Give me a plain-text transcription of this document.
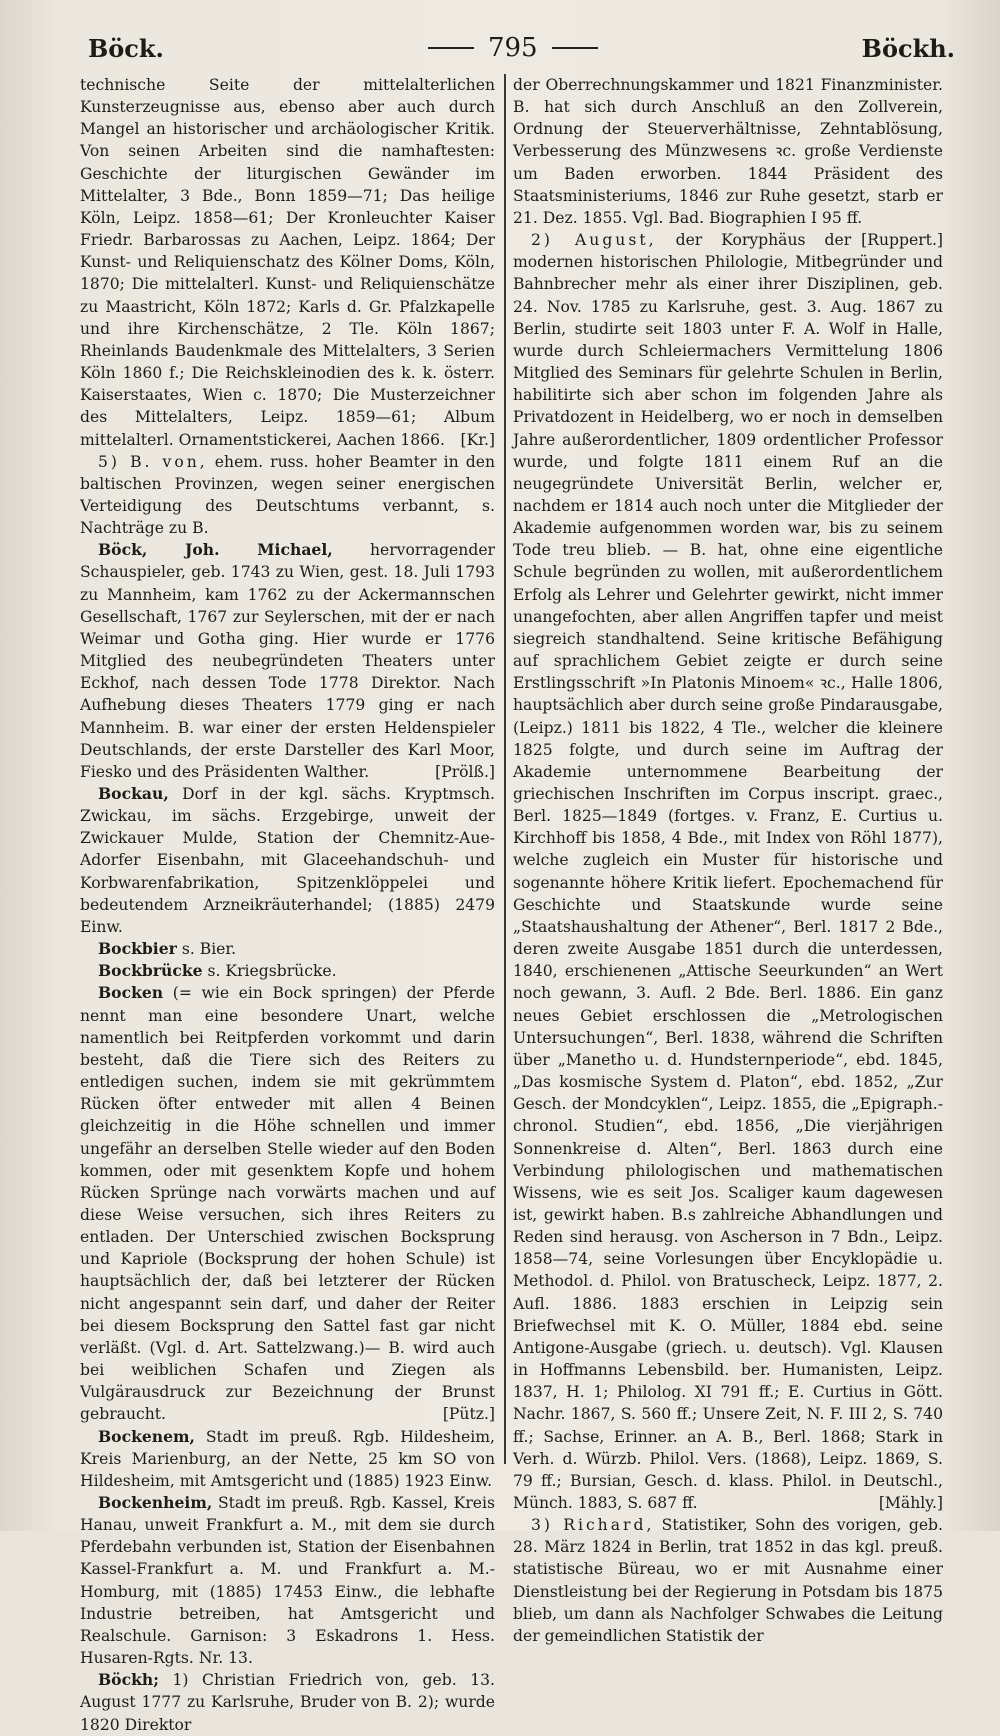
Böck.	795	Böckh.

technische Seite der mittelalterlichen Kunsterzeugnisse aus, ebenso aber auch durch Mangel an historischer und archäologischer Kritik. Von seinen Arbeiten sind die namhaftesten: Geschichte der liturgischen Gewänder im Mittelalter, 3 Bde., Bonn 1859—71; Das heilige Köln, Leipz. 1858—61; Der Kronleuchter Kaiser Friedr. Barbarossas zu Aachen, Leipz. 1864; Der Kunst- und Reliquienschatz des Kölner Doms, Köln, 1870; Die mittelalterl. Kunst- und Reliquienschätze zu Maastricht, Köln 1872; Karls d. Gr. Pfalzkapelle und ihre Kirchenschätze, 2 Tle. Köln 1867; Rheinlands Baudenkmale des Mittelalters, 3 Serien Köln 1860 f.; Die Reichskleinodien des k. k. österr. Kaiserstaates, Wien c. 1870; Die Musterzeichner des Mittelalters, Leipz. 1859—61; Album mittelalterl. Ornamentstickerei, Aachen 1866. [Kr.]

5) B. von, ehem. russ. hoher Beamter in den baltischen Provinzen, wegen seiner energischen Verteidigung des Deutschtums verbannt, s. Nachträge zu B.

Böck, Joh. Michael, hervorragender Schauspieler, geb. 1743 zu Wien, gest. 18. Juli 1793 zu Mannheim, kam 1762 zu der Ackermannschen Gesellschaft, 1767 zur Seylerschen, mit der er nach Weimar und Gotha ging. Hier wurde er 1776 Mitglied des neubegründeten Theaters unter Eckhof, nach dessen Tode 1778 Direktor. Nach Aufhebung dieses Theaters 1779 ging er nach Mannheim. B. war einer der ersten Heldenspieler Deutschlands, der erste Darsteller des Karl Moor, Fiesko und des Präsidenten Walther.	[Prölß.]

Bockau, Dorf in der kgl. sächs. Kryptmsch. Zwickau, im sächs. Erzgebirge, unweit der Zwickauer Mulde, Station der Chemnitz-Aue-Adorfer Eisenbahn, mit Glaceehandschuh- und Korbwarenfabrikation, Spitzenklöppelei und bedeutendem Arzneikräuterhandel; (1885) 2479 Einw.

Bockbier s. Bier.

Bockbrücke s. Kriegsbrücke.

Bocken (= wie ein Bock springen) der Pferde nennt man eine besondere Unart, welche namentlich bei Reitpferden vorkommt und darin besteht, daß die Tiere sich des Reiters zu entledigen suchen, indem sie mit gekrümmtem Rücken öfter entweder mit allen 4 Beinen gleichzeitig in die Höhe schnellen und immer ungefähr an derselben Stelle wieder auf den Boden kommen, oder mit gesenktem Kopfe und hohem Rücken Sprünge nach vorwärts machen und auf diese Weise versuchen, sich ihres Reiters zu entladen. Der Unterschied zwischen Bocksprung und Kapriole (Bocksprung der hohen Schule) ist hauptsächlich der, daß bei letzterer der Rücken nicht angespannt sein darf, und daher der Reiter bei diesem Bocksprung den Sattel fast gar nicht verläßt. (Vgl. d. Art. Sattelzwang.)— B. wird auch bei weiblichen Schafen und Ziegen als Vulgärausdruck zur Bezeichnung der Brunst gebraucht.	[Pütz.]

Bockenem, Stadt im preuß. Rgb. Hildesheim, Kreis Marienburg, an der Nette, 25 km SO von Hildesheim, mit Amtsgericht und (1885) 1923 Einw.

Bockenheim, Stadt im preuß. Rgb. Kassel, Kreis Hanau, unweit Frankfurt a. M., mit dem sie durch Pferdebahn verbunden ist, Station der Eisenbahnen Kassel-Frankfurt a. M. und Frankfurt a. M.-Homburg, mit (1885) 17453 Einw., die lebhafte Industrie betreiben, hat Amtsgericht und Realschule. Garnison: 3 Eskadrons 1. Hess. Husaren-Rgts. Nr. 13.

Böckh; 1) Christian Friedrich von, geb. 13. August 1777 zu Karlsruhe, Bruder von B. 2); wurde 1820 Direktor

der Oberrechnungskammer und 1821 Finanzminister. B. hat sich durch Anschluß an den Zollverein, Ordnung der Steuerverhältnisse, Zehntablösung, Verbesserung des Münzwesens ꝛc. große Verdienste um Baden erworben. 1844 Präsident des Staatsministeriums, 1846 zur Ruhe gesetzt, starb er 21. Dez. 1855. Vgl. Bad. Biographien I 95 ff.
[Ruppert.]

2) August, der Koryphäus der modernen historischen Philologie, Mitbegründer und Bahnbrecher mehr als einer ihrer Disziplinen, geb. 24. Nov. 1785 zu Karlsruhe, gest. 3. Aug. 1867 zu Berlin, studirte seit 1803 unter F. A. Wolf in Halle, wurde durch Schleiermachers Vermittelung 1806 Mitglied des Seminars für gelehrte Schulen in Berlin, habilitirte sich aber schon im folgenden Jahre als Privatdozent in Heidelberg, wo er noch in demselben Jahre außerordentlicher, 1809 ordentlicher Professor wurde, und folgte 1811 einem Ruf an die neugegründete Universität Berlin, welcher er, nachdem er 1814 auch noch unter die Mitglieder der Akademie aufgenommen worden war, bis zu seinem Tode treu blieb. — B. hat, ohne eine eigentliche Schule begründen zu wollen, mit außerordentlichem Erfolg als Lehrer und Gelehrter gewirkt, nicht immer unangefochten, aber allen Angriffen tapfer und meist siegreich standhaltend. Seine kritische Befähigung auf sprachlichem Gebiet zeigte er durch seine Erstlingsschrift »In Platonis Minoem« ꝛc., Halle 1806, hauptsächlich aber durch seine große Pindarausgabe, (Leipz.) 1811 bis 1822, 4 Tle., welcher die kleinere 1825 folgte, und durch seine im Auftrag der Akademie unternommene Bearbeitung der griechischen Inschriften im Corpus inscript. graec., Berl. 1825—1849 (fortges. v. Franz, E. Curtius u. Kirchhoff bis 1858, 4 Bde., mit Index von Röhl 1877), welche zugleich ein Muster für historische und sogenannte höhere Kritik liefert. Epochemachend für Geschichte und Staatskunde wurde seine „Staatshaushaltung der Athener“, Berl. 1817 2 Bde., deren zweite Ausgabe 1851 durch die unterdessen, 1840, erschienenen „Attische Seeurkunden“ an Wert noch gewann, 3. Aufl. 2 Bde. Berl. 1886. Ein ganz neues Gebiet erschlossen die „Metrologischen Untersuchungen“, Berl. 1838, während die Schriften über „Manetho u. d. Hundsternperiode“, ebd. 1845, „Das kosmische System d. Platon“, ebd. 1852, „Zur Gesch. der Mondcyklen“, Leipz. 1855, die „Epigraph.-chronol. Studien“, ebd. 1856, „Die vierjährigen Sonnenkreise d. Alten“, Berl. 1863 durch eine Verbindung philologischen und mathematischen Wissens, wie es seit Jos. Scaliger kaum dagewesen ist, gewirkt haben. B.s zahlreiche Abhandlungen und Reden sind herausg. von Ascherson in 7 Bdn., Leipz. 1858—74, seine Vorlesungen über Encyklopädie u. Methodol. d. Philol. von Bratuscheck, Leipz. 1877, 2. Aufl. 1886. 1883 erschien in Leipzig sein Briefwechsel mit K. O. Müller, 1884 ebd. seine Antigone-Ausgabe (griech. u. deutsch). Vgl. Klausen in Hoffmanns Lebensbild. ber. Humanisten, Leipz. 1837, H. 1; Philolog. XI 791 ff.; E. Curtius in Gött. Nachr. 1867, S. 560 ff.; Unsere Zeit, N. F. III 2, S. 740 ff.; Sachse, Erinner. an A. B., Berl. 1868; Stark in Verh. d. Würzb. Philol. Vers. (1868), Leipz. 1869, S. 79 ff.; Bursian, Gesch. d. klass. Philol. in Deutschl., Münch. 1883, S. 687 ff.	[Mähly.]

3) Richard, Statistiker, Sohn des vorigen, geb. 28. März 1824 in Berlin, trat 1852 in das kgl. preuß. statistische Büreau, wo er mit Ausnahme einer Dienstleistung bei der Regierung in Potsdam bis 1875 blieb, um dann als Nachfolger Schwabes die Leitung der gemeindlichen Statistik der
